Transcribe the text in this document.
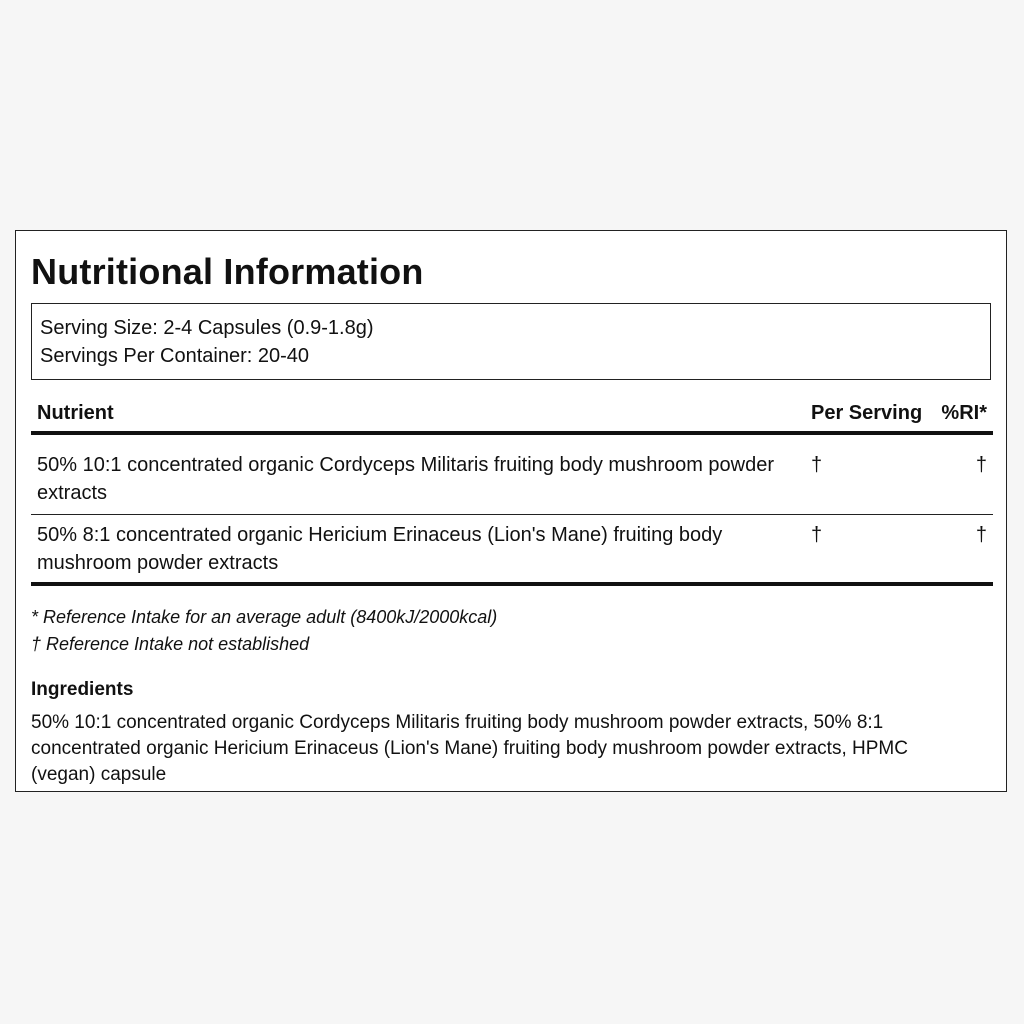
Nutritional Information
Serving Size: 2-4 Capsules (0.9-1.8g)
Servings Per Container: 20-40
Nutrient	Per Serving	%RI*
50% 10:1 concentrated organic Cordyceps Militaris fruiting body mushroom powder extracts	†	†
50% 8:1 concentrated organic Hericium Erinaceus (Lion's Mane) fruiting body mushroom powder extracts	†	†
* Reference Intake for an average adult (8400kJ/2000kcal)
† Reference Intake not established
Ingredients
50% 10:1 concentrated organic Cordyceps Militaris fruiting body mushroom powder extracts, 50% 8:1 concentrated organic Hericium Erinaceus (Lion's Mane) fruiting body mushroom powder extracts, HPMC (vegan) capsule
